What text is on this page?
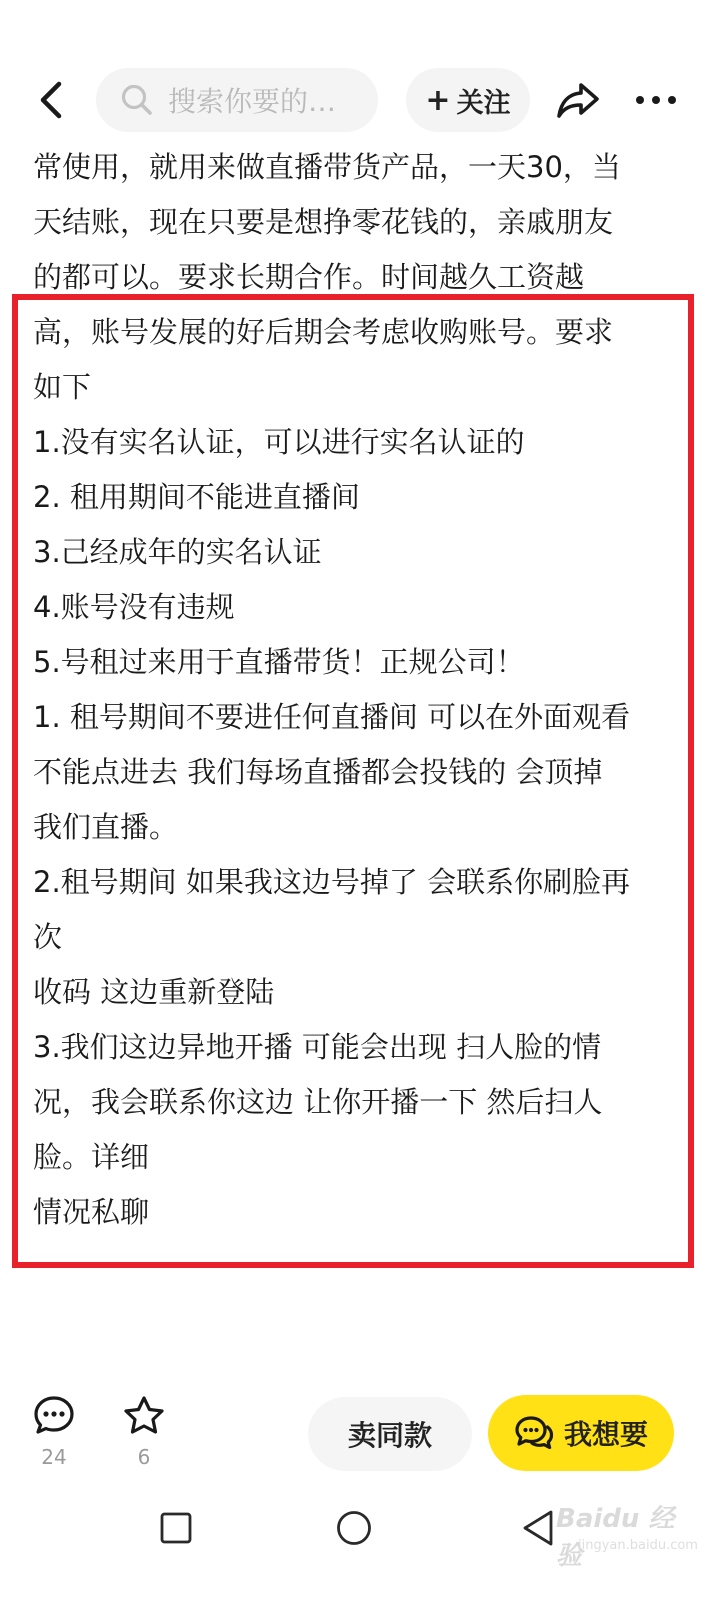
搜索你要的…	+ 关注
常使用，就用来做直播带货产品，一天30，当
天结账，现在只要是想挣零花钱的，亲戚朋友
的都可以。要求长期合作。时间越久工资越
高，账号发展的好后期会考虑收购账号。要求
如下
1.没有实名认证，可以进行实名认证的
2. 租用期间不能进直播间
3.己经成年的实名认证
4.账号没有违规
5.号租过来用于直播带货！正规公司！
1. 租号期间不要进任何直播间 可以在外面观看
不能点进去 我们每场直播都会投钱的 会顶掉
我们直播。
2.租号期间 如果我这边号掉了 会联系你刷脸再
次
收码 这边重新登陆
3.我们这边异地开播 可能会出现 扫人脸的情
况，我会联系你这边 让你开播一下 然后扫人
脸。详细
情况私聊
24	6
卖同款	我想要
Baidu 经验
jingyan.baidu.com
